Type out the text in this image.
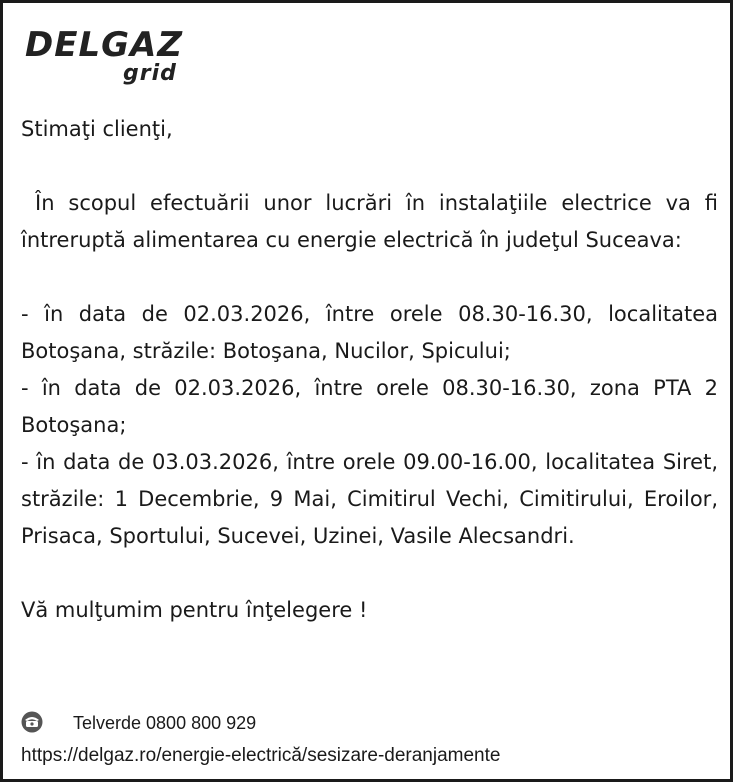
DELGAZ
grid

Stimaţi clienţi,

În scopul efectuării unor lucrări în instalaţiile electrice va fi întreruptă alimentarea cu energie electrică în judeţul Suceava:

- în data de 02.03.2026, între orele 08.30-16.30, localitatea Botoşana, străzile: Botoşana, Nucilor, Spicului;

- în data de 02.03.2026, între orele 08.30-16.30, zona PTA 2 Botoşana;

- în data de 03.03.2026, între orele 09.00-16.00, localitatea Siret, străzile: 1 Decembrie, 9 Mai, Cimitirul Vechi, Cimitirului, Eroilor, Prisaca, Sportului, Sucevei, Uzinei, Vasile Alecsandri.

Vă mulţumim pentru înţelegere !

Telverde 0800 800 929
https://delgaz.ro/energie-electrică/sesizare-deranjamente
